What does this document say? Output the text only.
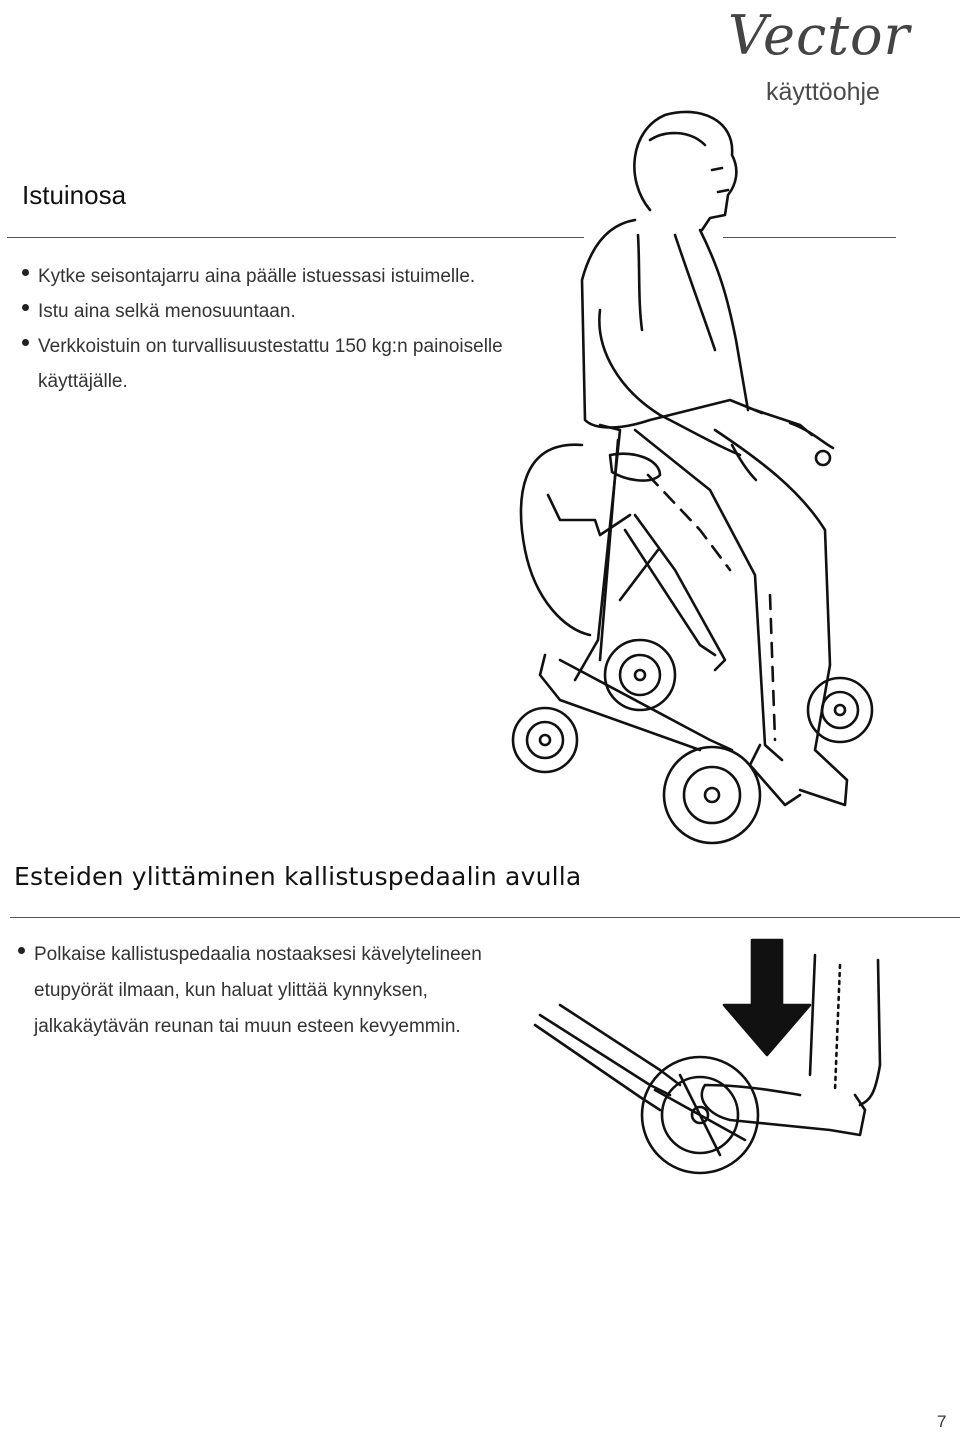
Vector
käyttöohje
Istuinosa
Kytke seisontajarru aina päälle istuessasi istuimelle.
Istu aina selkä menosuuntaan.
Verkkoistuin on turvallisuustestattu 150 kg:n painoiselle käyttäjälle.
Esteiden ylittäminen kallistuspedaalin avulla
Polkaise kallistuspedaalia nostaaksesi kävelytelineen etupyörät ilmaan, kun haluat ylittää kynnyksen, jalkakäytävän reunan tai muun esteen kevyemmin.
7
